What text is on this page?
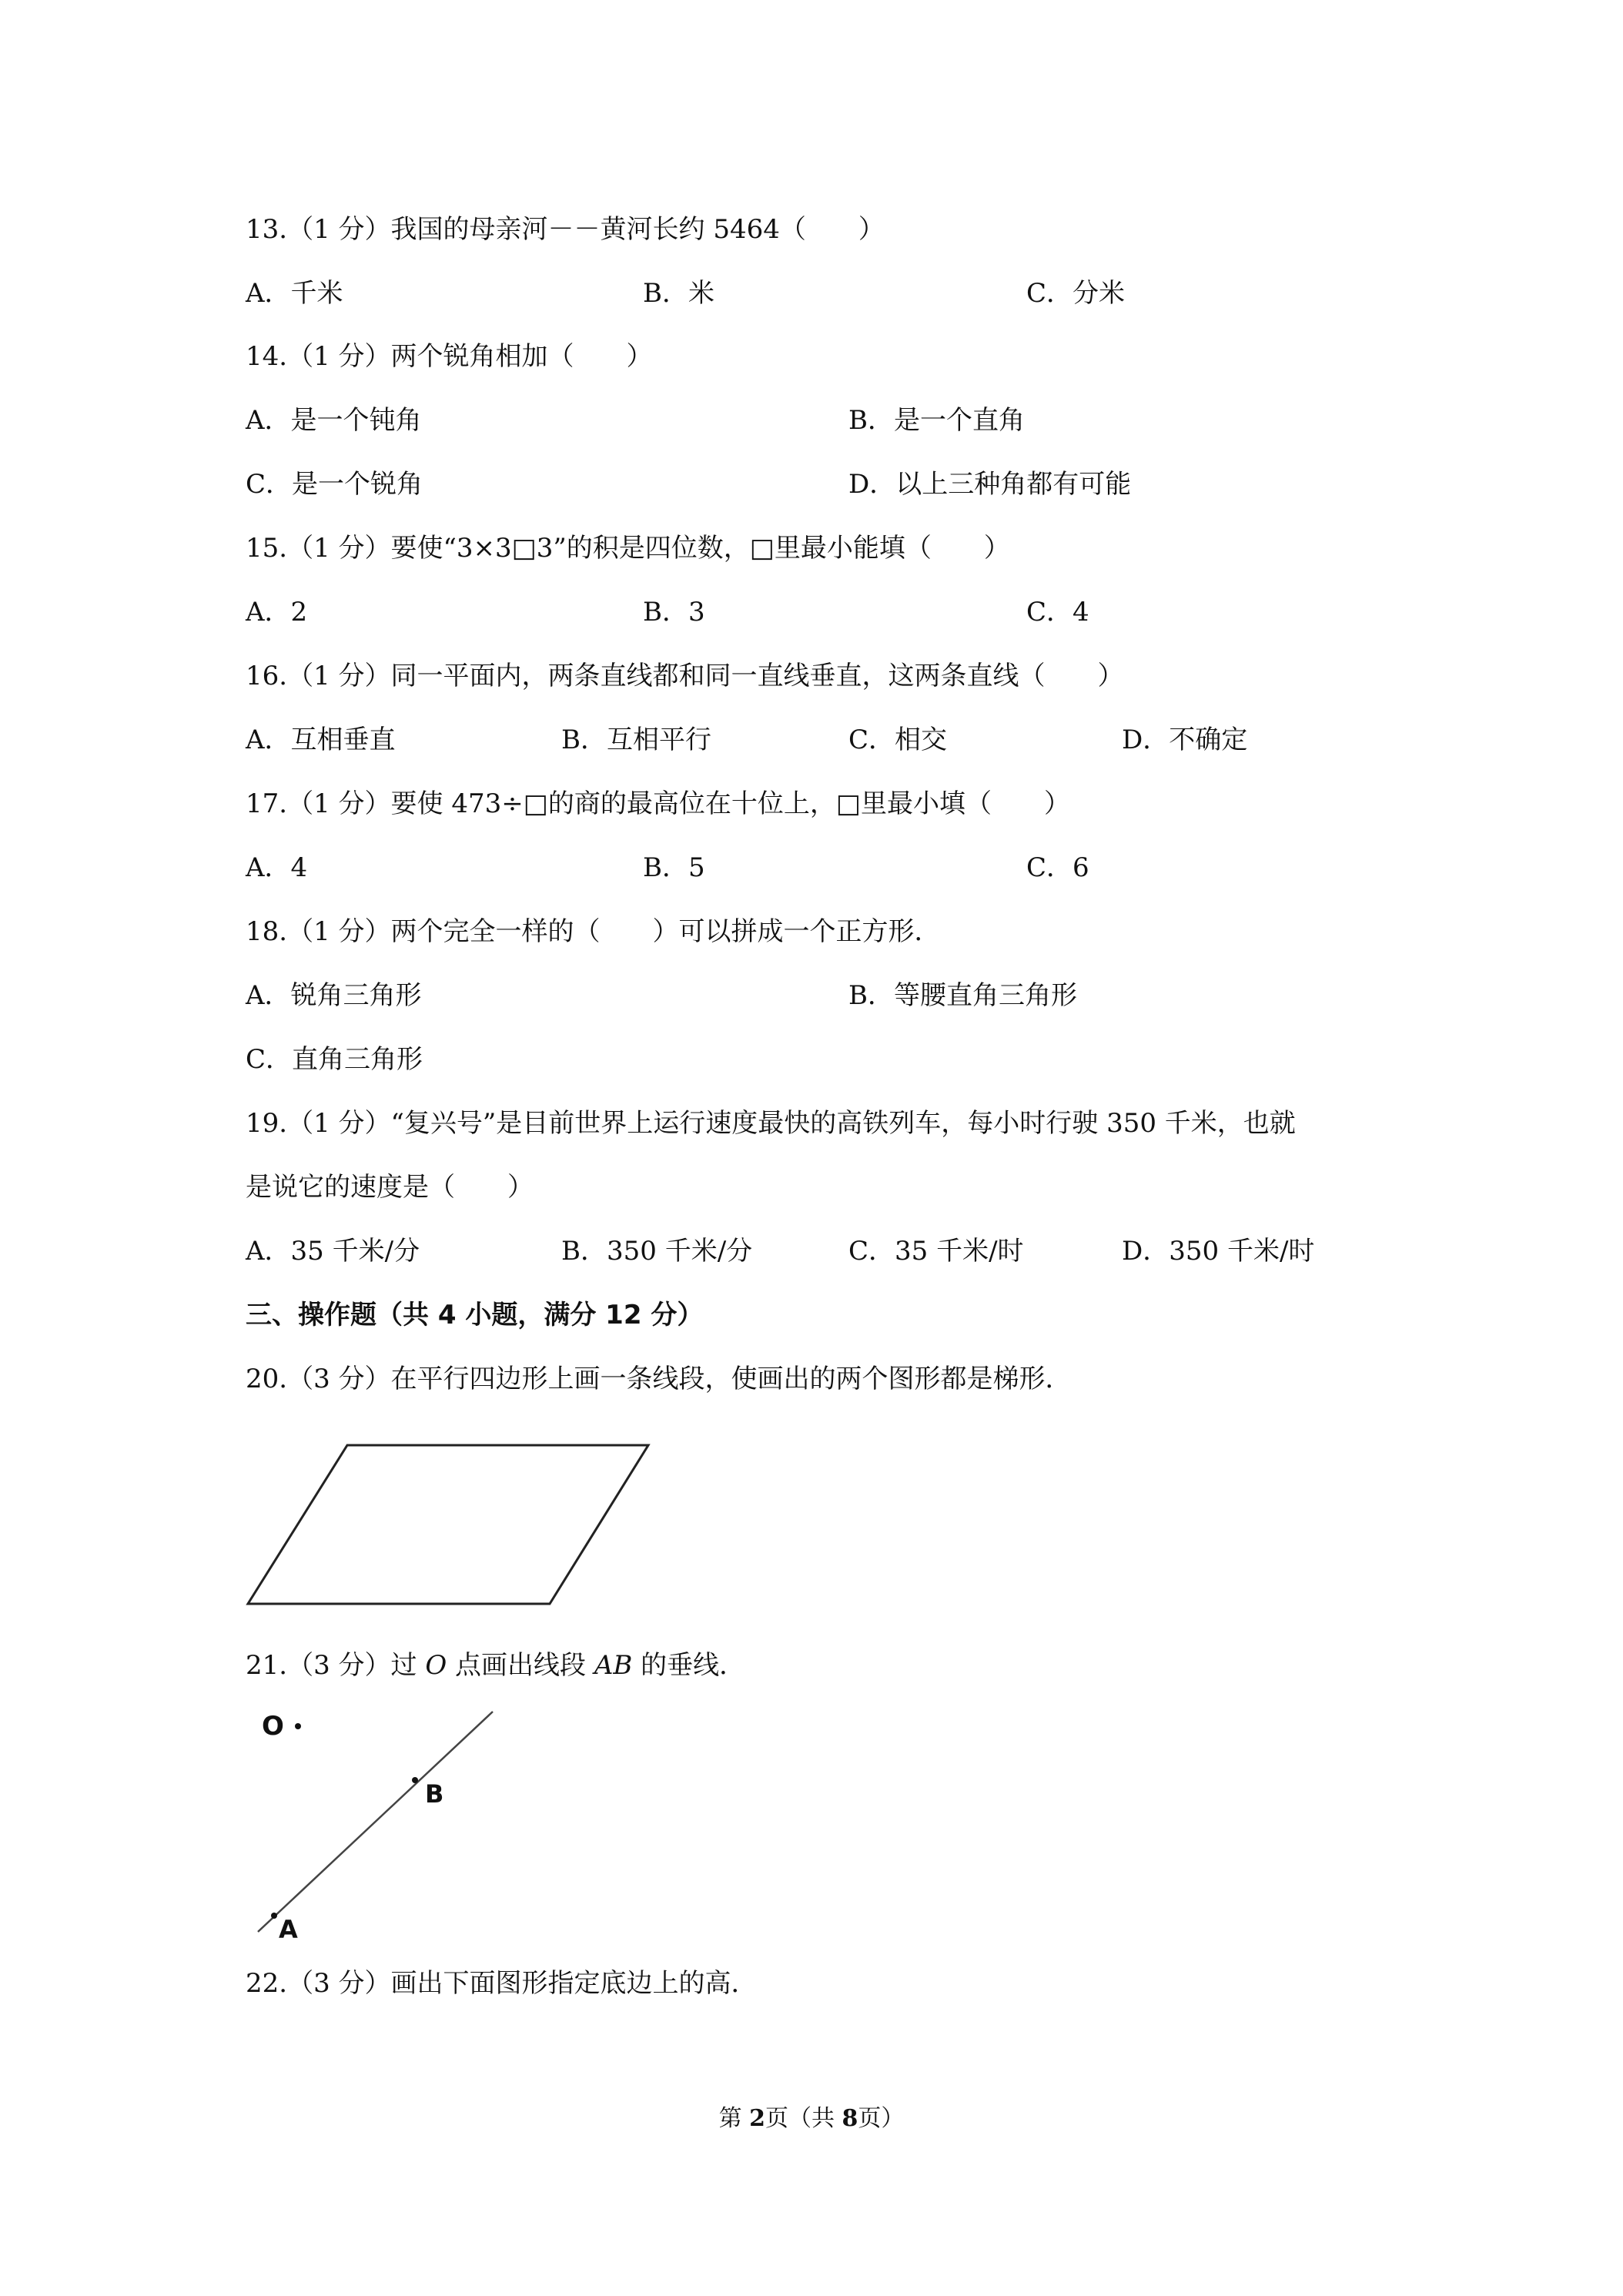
13.（1 分）我国的母亲河－－黄河长约 5464（　　）
A．千米	B．米	C．分米
14.（1 分）两个锐角相加（　　）
A．是一个钝角	B．是一个直角
C．是一个锐角	D．以上三种角都有可能
15.（1 分）要使“3×3□3”的积是四位数，□里最小能填（　　）
A．2	B．3	C．4
16.（1 分）同一平面内，两条直线都和同一直线垂直，这两条直线（　　）
A．互相垂直	B．互相平行	C．相交	D．不确定
17.（1 分）要使 473÷□的商的最高位在十位上，□里最小填（　　）
A．4	B．5	C．6
18.（1 分）两个完全一样的（　　）可以拼成一个正方形．
A．锐角三角形	B．等腰直角三角形
C．直角三角形
19.（1 分）“复兴号”是目前世界上运行速度最快的高铁列车，每小时行驶 350 千米，也就
是说它的速度是（　　）
A．35 千米/分	B．350 千米/分	C．35 千米/时	D．350 千米/时
三、操作题（共 4 小题，满分 12 分）
20.（3 分）在平行四边形上画一条线段，使画出的两个图形都是梯形．
21.（3 分）过 O 点画出线段 AB 的垂线．
O
B
A
22.（3 分）画出下面图形指定底边上的高．
第 2页（共 8页）
